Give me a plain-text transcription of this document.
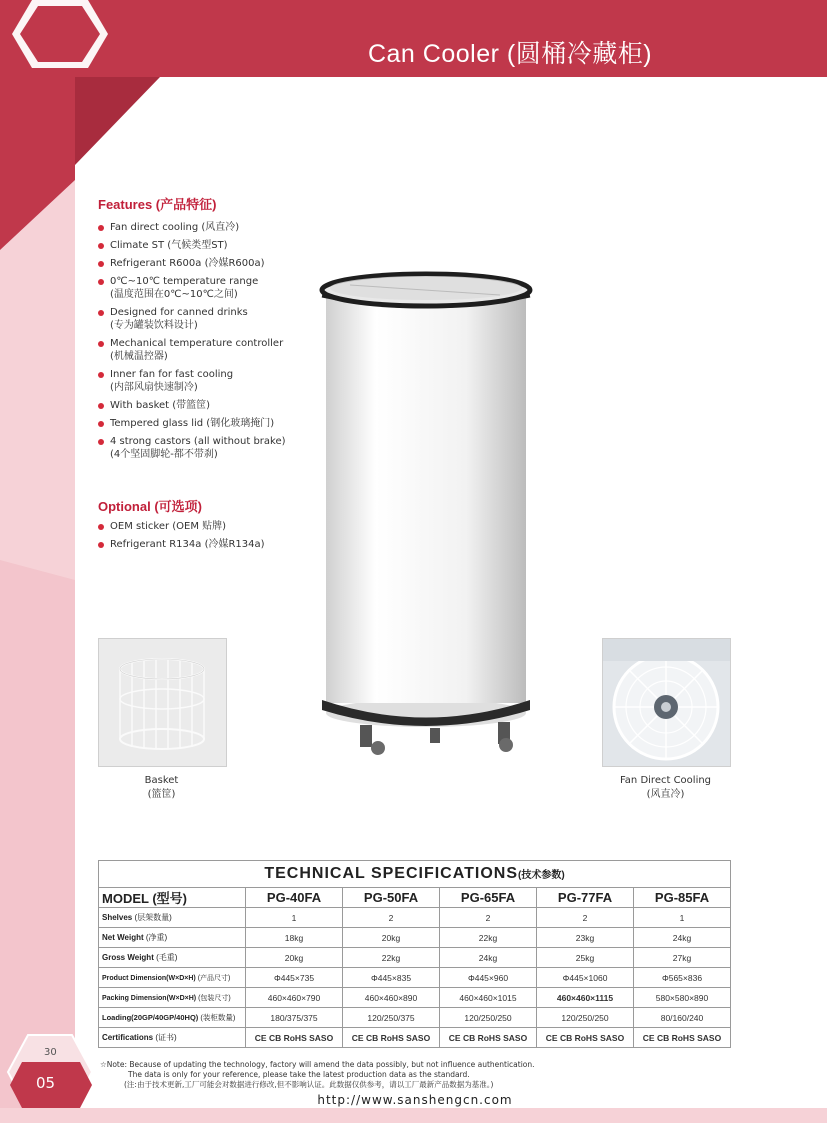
Can Cooler (圆桶冷藏柜)
Features (产品特征)
Fan direct cooling (风直冷)
Climate ST (气候类型ST)
Refrigerant R600a (冷媒R600a)
0℃~10℃ temperature range
(温度范围在0℃~10℃之间)
Designed for canned drinks
(专为罐装饮料设计)
Mechanical temperature controller
(机械温控器)
Inner fan for fast cooling
(内部风扇快速制冷)
With basket (带篮筐)
Tempered glass lid (钢化玻璃掩门)
4 strong castors (all without brake)
(4个坚固脚轮-都不带刹)
Optional (可选项)
OEM sticker (OEM 贴牌)
Refrigerant R134a (冷媒R134a)
Basket
(篮筐)
Fan Direct Cooling
(风直冷)
TECHNICAL SPECIFICATIONS(技术参数)					
MODEL (型号)	PG-40FA	PG-50FA	PG-65FA	PG-77FA	PG-85FA
Shelves (层架数量)	1	2	2	2	1
Net Weight (净重)	18kg	20kg	22kg	23kg	24kg
Gross Weight (毛重)	20kg	22kg	24kg	25kg	27kg
Product Dimension(W×D×H) (产品尺寸)	Φ445×735	Φ445×835	Φ445×960	Φ445×1060	Φ565×836
Packing Dimension(W×D×H) (包装尺寸)	460×460×790	460×460×890	460×460×1015	460×460×1115	580×580×890
Loading(20GP/40GP/40HQ) (装柜数量)	180/375/375	120/250/375	120/250/250	120/250/250	80/160/240
Certifications (证书)	CE CB RoHS SASO	CE CB RoHS SASO	CE CB RoHS SASO	CE CB RoHS SASO	CE CB RoHS SASO
☆Note: Because of updating the technology, factory will amend the data possibly, but not influence authentication.
The data is only for your reference, please take the latest production data as the standard.
(注:由于技术更新,工厂可能会对数据进行修改,但不影响认证。此数据仅供参考，请以工厂最新产品数据为基准。)
http://www.sanshengcn.com
30
05
